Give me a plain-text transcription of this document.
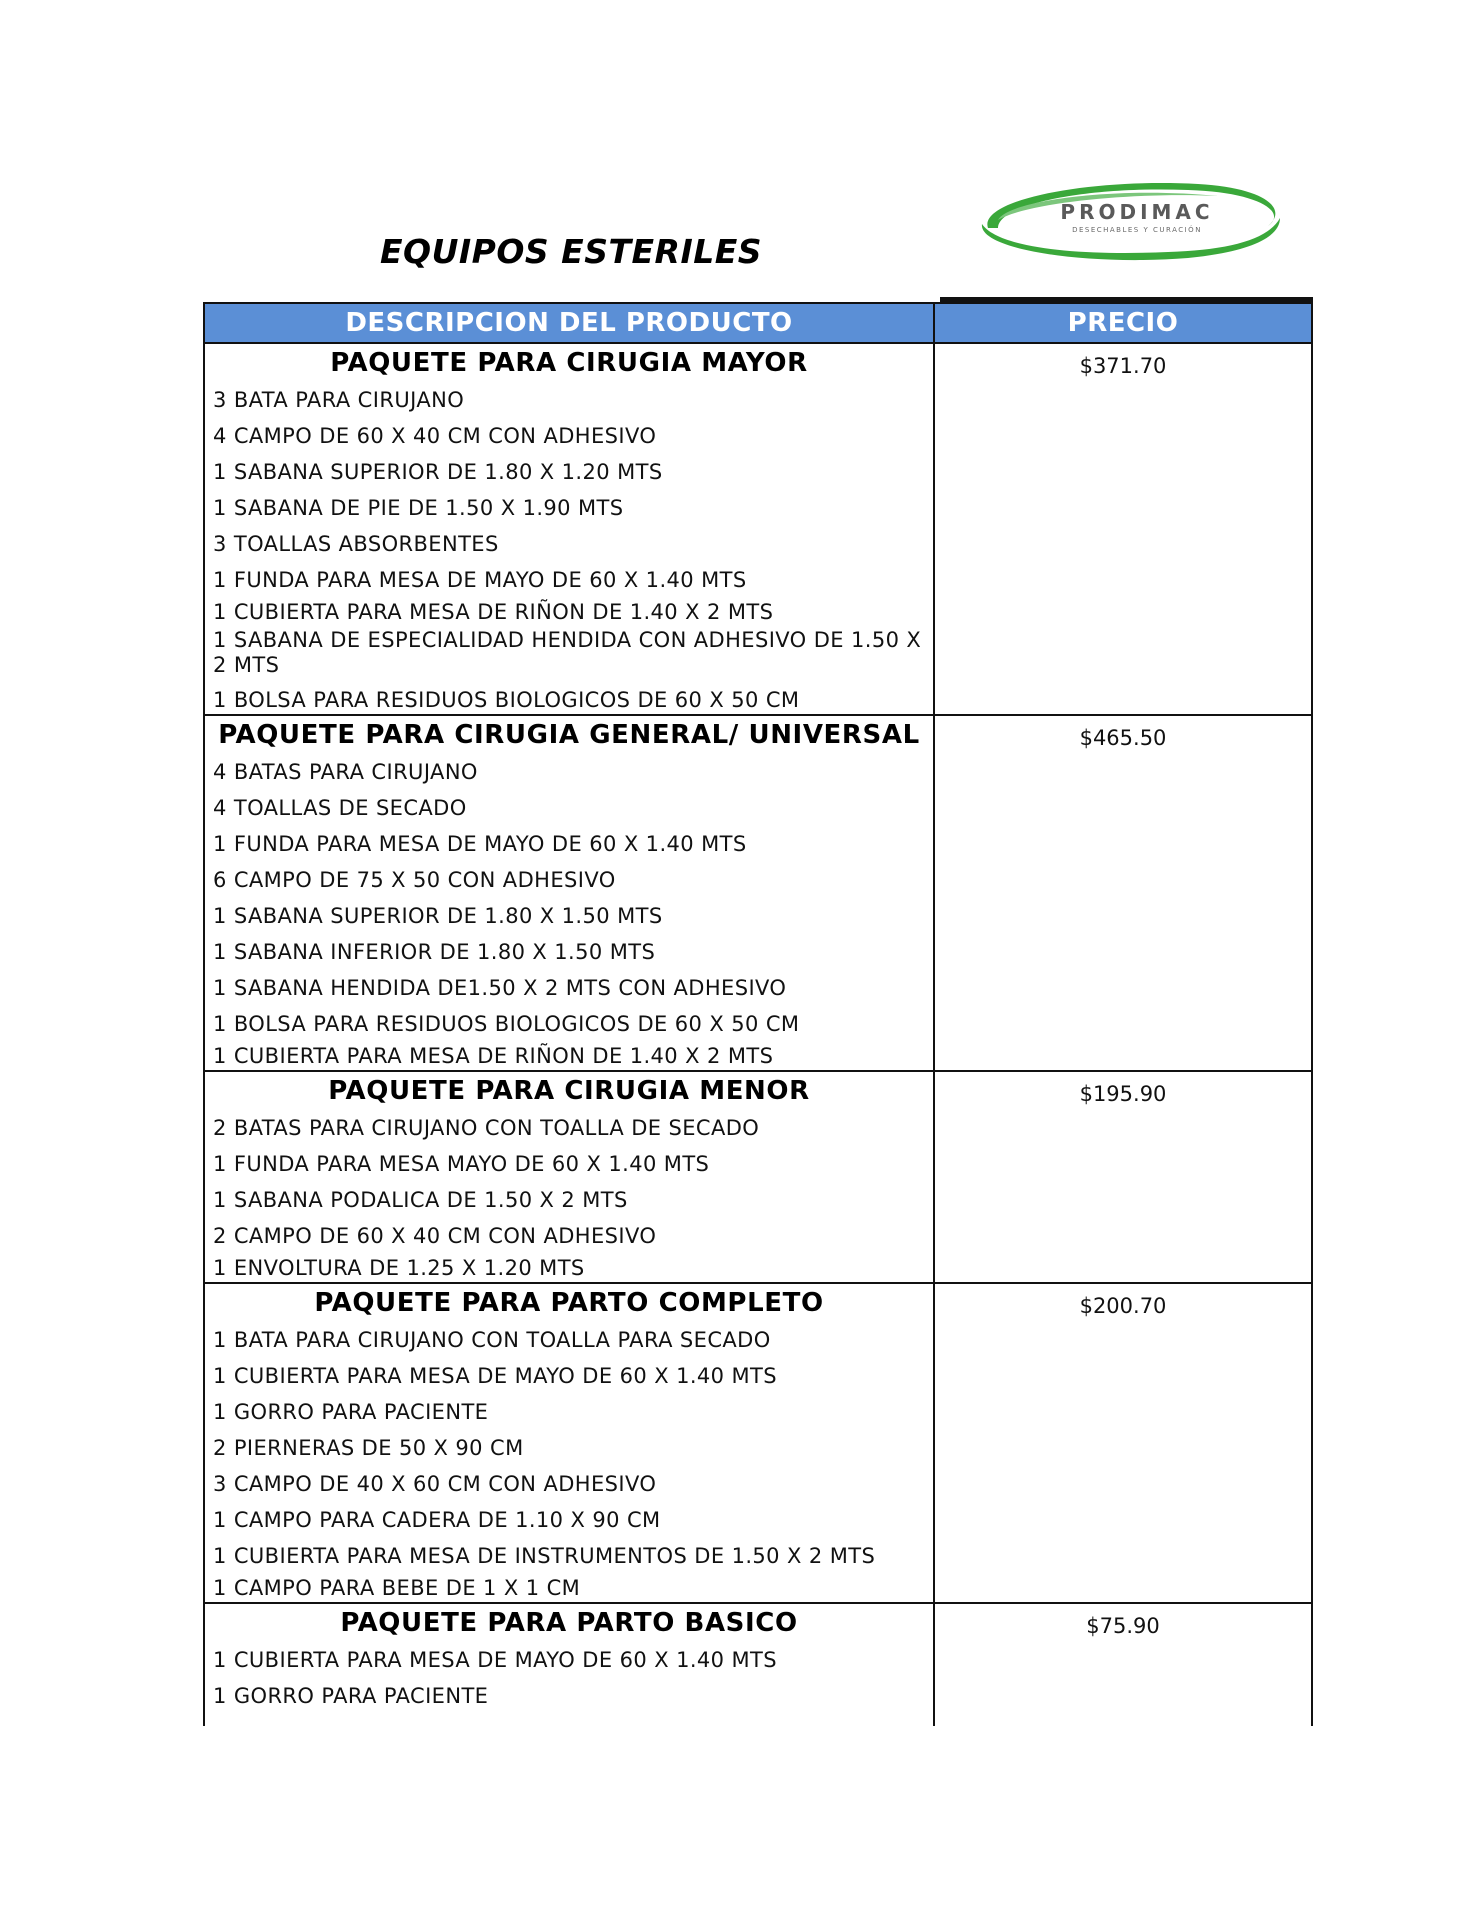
EQUIPOS ESTERILES
PRODIMAC
DESECHABLES Y CURACIÓN
DESCRIPCION DEL PRODUCTO	PRECIO
PAQUETE PARA CIRUGIA MAYOR
3 BATA PARA CIRUJANO
4 CAMPO DE 60 X 40 CM CON ADHESIVO
1 SABANA SUPERIOR DE 1.80 X 1.20 MTS
1 SABANA DE PIE DE 1.50 X 1.90 MTS
3 TOALLAS ABSORBENTES
1 FUNDA PARA MESA DE MAYO DE 60 X 1.40 MTS
1 CUBIERTA PARA MESA DE RIÑON DE 1.40 X 2 MTS
1 SABANA DE ESPECIALIDAD HENDIDA CON ADHESIVO DE 1.50 X 2 MTS
1 BOLSA PARA RESIDUOS BIOLOGICOS DE 60 X 50 CM
$371.70
PAQUETE PARA CIRUGIA GENERAL/ UNIVERSAL
4 BATAS PARA CIRUJANO
4 TOALLAS DE SECADO
1 FUNDA PARA MESA DE MAYO DE 60 X 1.40 MTS
6 CAMPO DE 75 X 50 CON ADHESIVO
1 SABANA SUPERIOR DE 1.80 X 1.50 MTS
1 SABANA INFERIOR DE 1.80 X 1.50 MTS
1 SABANA HENDIDA DE1.50 X 2 MTS CON ADHESIVO
1 BOLSA PARA RESIDUOS BIOLOGICOS DE 60 X 50 CM
1 CUBIERTA PARA MESA DE RIÑON DE 1.40 X 2 MTS
$465.50
PAQUETE PARA CIRUGIA MENOR
2 BATAS PARA CIRUJANO CON TOALLA DE SECADO
1 FUNDA PARA MESA MAYO DE 60 X 1.40 MTS
1 SABANA PODALICA DE 1.50 X 2 MTS
2 CAMPO DE 60 X 40 CM CON ADHESIVO
1 ENVOLTURA DE 1.25 X 1.20 MTS
$195.90
PAQUETE PARA PARTO COMPLETO
1 BATA PARA CIRUJANO CON TOALLA PARA SECADO
1 CUBIERTA PARA MESA DE MAYO DE 60 X 1.40 MTS
1 GORRO PARA PACIENTE
2 PIERNERAS DE 50 X 90 CM
3 CAMPO DE 40 X 60 CM CON ADHESIVO
1 CAMPO PARA CADERA DE 1.10 X 90 CM
1 CUBIERTA PARA MESA DE INSTRUMENTOS DE 1.50 X 2 MTS
1 CAMPO PARA BEBE DE 1 X 1 CM
$200.70
PAQUETE PARA PARTO BASICO
1 CUBIERTA PARA MESA DE MAYO DE 60 X 1.40 MTS
1 GORRO PARA PACIENTE
$75.90
